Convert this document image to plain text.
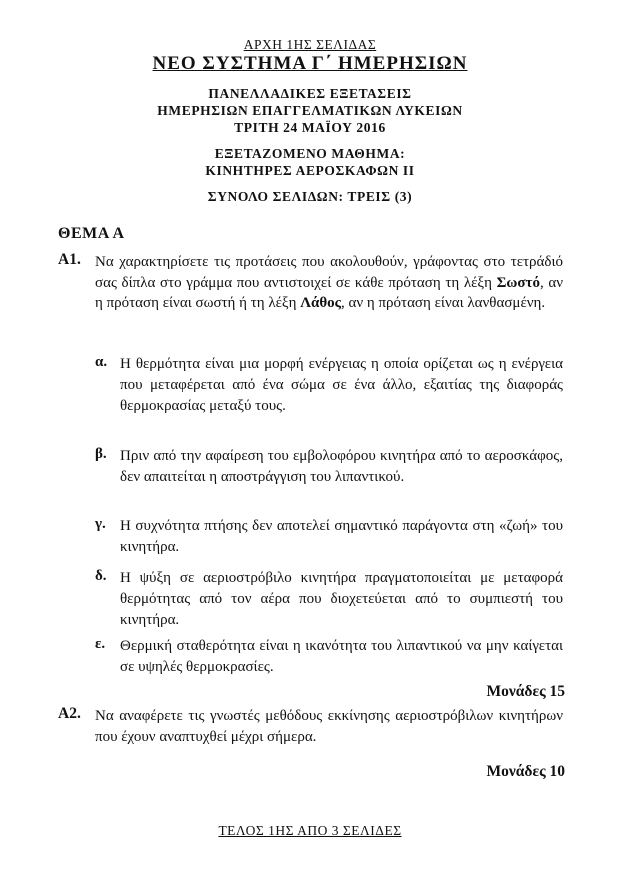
ΑΡΧΗ 1ΗΣ ΣΕΛΙΔΑΣ
ΝΕΟ ΣΥΣΤΗΜΑ Γ΄ ΗΜΕΡΗΣΙΩΝ
ΠΑΝΕΛΛΑΔΙΚΕΣ ΕΞΕΤΑΣΕΙΣ
ΗΜΕΡΗΣΙΩΝ ΕΠΑΓΓΕΛΜΑΤΙΚΩΝ ΛΥΚΕΙΩΝ
ΤΡΙΤΗ 24 ΜΑΪΟΥ 2016
ΕΞΕΤΑΖΟΜΕΝΟ ΜΑΘΗΜΑ:
ΚΙΝΗΤΗΡΕΣ ΑΕΡΟΣΚΑΦΩΝ ΙΙ
ΣΥΝΟΛΟ ΣΕΛΙΔΩΝ: ΤΡΕΙΣ (3)
ΘΕΜΑ Α
Α1. Να χαρακτηρίσετε τις προτάσεις που ακολουθούν, γράφοντας στο τετράδιό σας δίπλα στο γράμμα που αντιστοιχεί σε κάθε πρόταση τη λέξη Σωστό, αν η πρόταση είναι σωστή ή τη λέξη Λάθος, αν η πρόταση είναι λανθασμένη.
α. Η θερμότητα είναι μια μορφή ενέργειας η οποία ορίζεται ως η ενέργεια που μεταφέρεται από ένα σώμα σε ένα άλλο, εξαιτίας της διαφοράς θερμοκρασίας μεταξύ τους.
β. Πριν από την αφαίρεση του εμβολοφόρου κινητήρα από το αεροσκάφος, δεν απαιτείται η αποστράγγιση του λιπαντικού.
γ. Η συχνότητα πτήσης δεν αποτελεί σημαντικό παράγοντα στη «ζωή» του κινητήρα.
δ. Η ψύξη σε αεριοστρόβιλο κινητήρα πραγματοποιείται με μεταφορά θερμότητας από τον αέρα που διοχετεύεται από το συμπιεστή του κινητήρα.
ε. Θερμική σταθερότητα είναι η ικανότητα του λιπαντικού να μην καίγεται σε υψηλές θερμοκρασίες.
Μονάδες 15
Α2. Να αναφέρετε τις γνωστές μεθόδους εκκίνησης αεριοστρόβιλων κινητήρων που έχουν αναπτυχθεί μέχρι σήμερα.
Μονάδες 10
ΤΕΛΟΣ 1ΗΣ ΑΠΟ 3 ΣΕΛΙΔΕΣ
